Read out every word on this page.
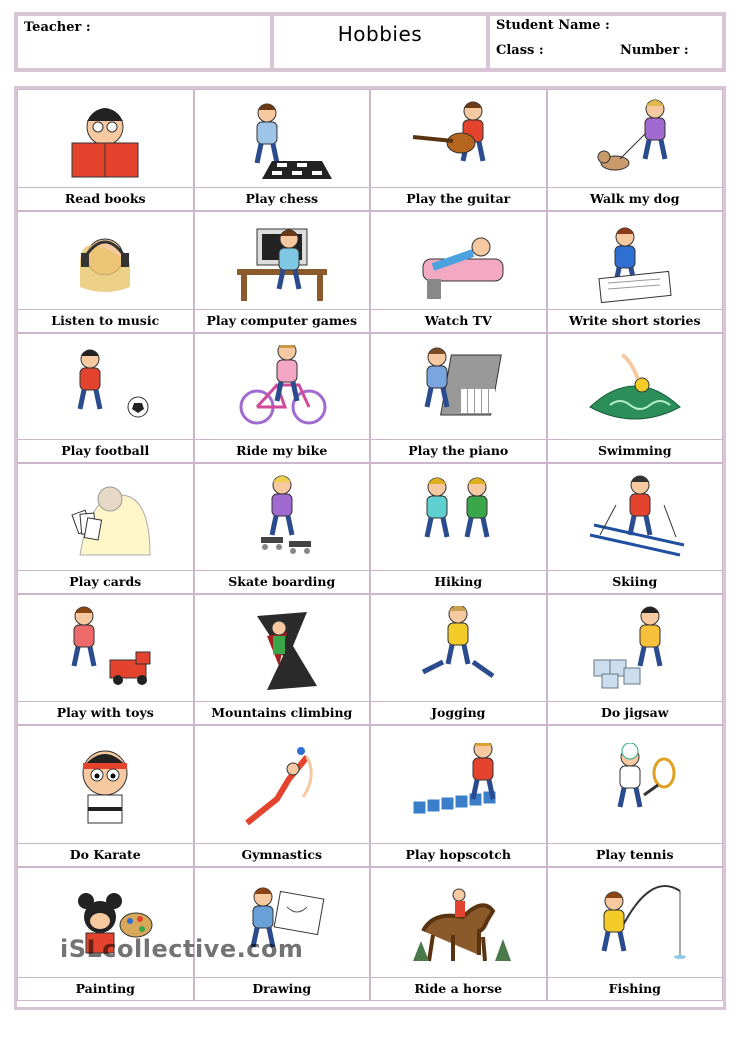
Teacher :	Hobbies	Student Name :
Class :	Number :
Read books	Play chess	Play the guitar	Walk my dog
Listen to music	Play computer games	Watch TV	Write short stories
Play football	Ride my bike	Play the piano	Swimming
Play cards	Skate boarding	Hiking	Skiing
Play with toys	Mountains climbing	Jogging	Do jigsaw
Do Karate	Gymnastics	Play hopscotch	Play tennis
Painting	Drawing	Ride a horse	Fishing
iSLcollective.com
